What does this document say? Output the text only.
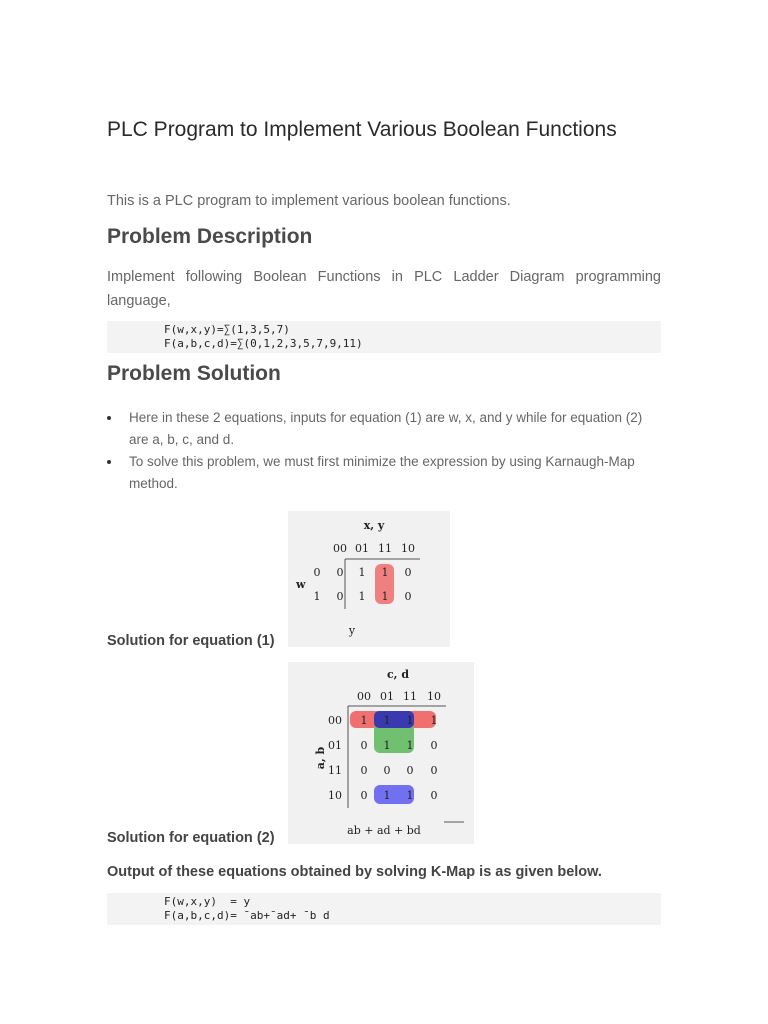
PLC Program to Implement Various Boolean Functions

This is a PLC program to implement various boolean functions.

Problem Description

Implement following Boolean Functions in PLC Ladder Diagram programming language,

F(w,x,y)=∑(1,3,5,7)
F(a,b,c,d)=∑(0,1,2,3,5,7,9,11)
Problem Solution
Here in these 2 equations, inputs for equation (1) are w, x, and y while for equation (2) are a, b, c, and d.
To solve this problem, we must first minimize the expression by using Karnaugh-Map method.
x, y
w
00 01 11 10
0
1
0 1 1 0
0 1 1 0
y
Solution for equation (1)
c, d
a, b
00 01 11 10
00
01
11
10
1 1 1 1
0 1 1 0
0 0 0 0
0 1 1 0
ab + ad + bd
Solution for equation (2)
Output of these equations obtained by solving K-Map is as given below.
F(w,x,y)  = y
F(a,b,c,d)= ¯ab+¯ad+ ¯b d
